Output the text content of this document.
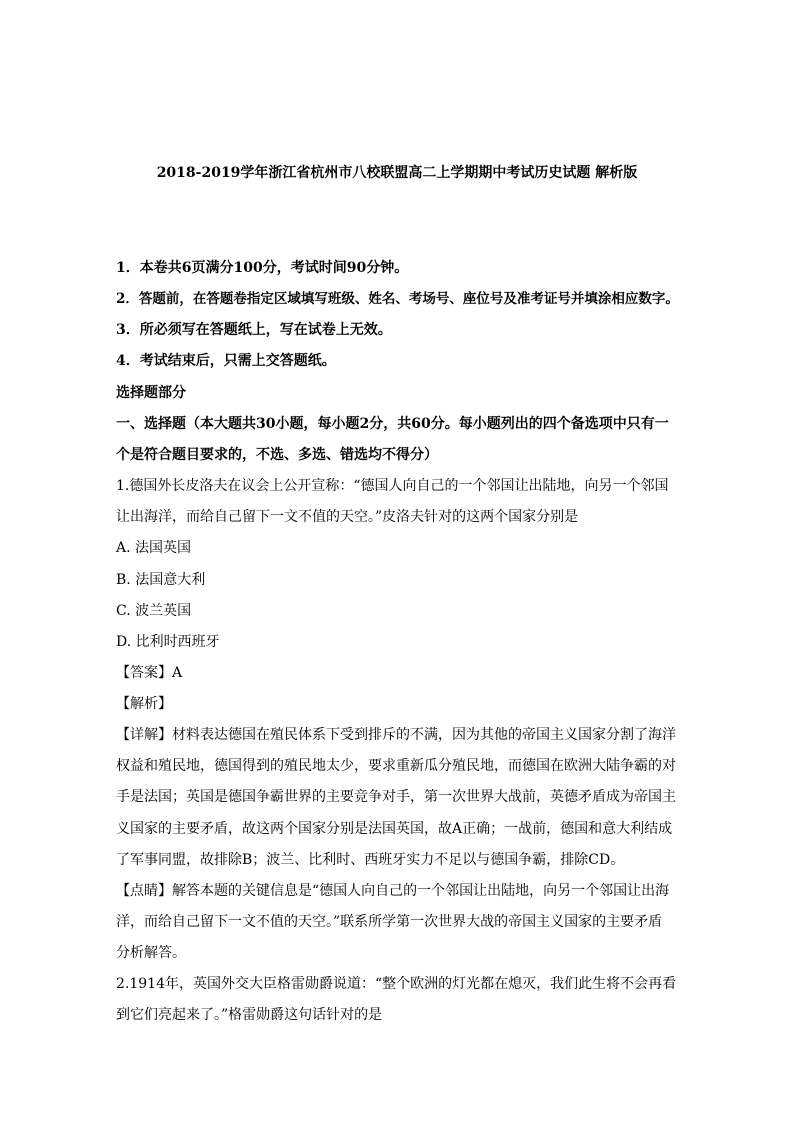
2018-2019学年浙江省杭州市八校联盟高二上学期期中考试历史试题 解析版
1．本卷共6页满分100分，考试时间90分钟。
2．答题前，在答题卷指定区域填写班级、姓名、考场号、座位号及准考证号并填涂相应数字。
3．所必须写在答题纸上，写在试卷上无效。
4．考试结束后，只需上交答题纸。
选择题部分
一、选择题（本大题共30小题，每小题2分，共60分。每小题列出的四个备选项中只有一
个是符合题目要求的，不选、多选、错选均不得分）
1.德国外长皮洛夫在议会上公开宣称：“德国人向自己的一个邻国让出陆地，向另一个邻国
让出海洋，而给自己留下一文不值的天空。”皮洛夫针对的这两个国家分别是
A. 法国英国
B. 法国意大利
C. 波兰英国
D. 比利时西班牙
【答案】A
【解析】
【详解】材料表达德国在殖民体系下受到排斥的不满，因为其他的帝国主义国家分割了海洋
权益和殖民地，德国得到的殖民地太少，要求重新瓜分殖民地，而德国在欧洲大陆争霸的对
手是法国；英国是德国争霸世界的主要竞争对手，第一次世界大战前，英德矛盾成为帝国主
义国家的主要矛盾，故这两个国家分别是法国英国，故A正确；一战前，德国和意大利结成
了军事同盟，故排除B；波兰、比利时、西班牙实力不足以与德国争霸，排除CD。
【点睛】解答本题的关键信息是“德国人向自己的一个邻国让出陆地，向另一个邻国让出海
洋，而给自己留下一文不值的天空。”联系所学第一次世界大战的帝国主义国家的主要矛盾
分析解答。
2.1914年，英国外交大臣格雷勋爵说道：“整个欧洲的灯光都在熄灭，我们此生将不会再看
到它们亮起来了。”格雷勋爵这句话针对的是
